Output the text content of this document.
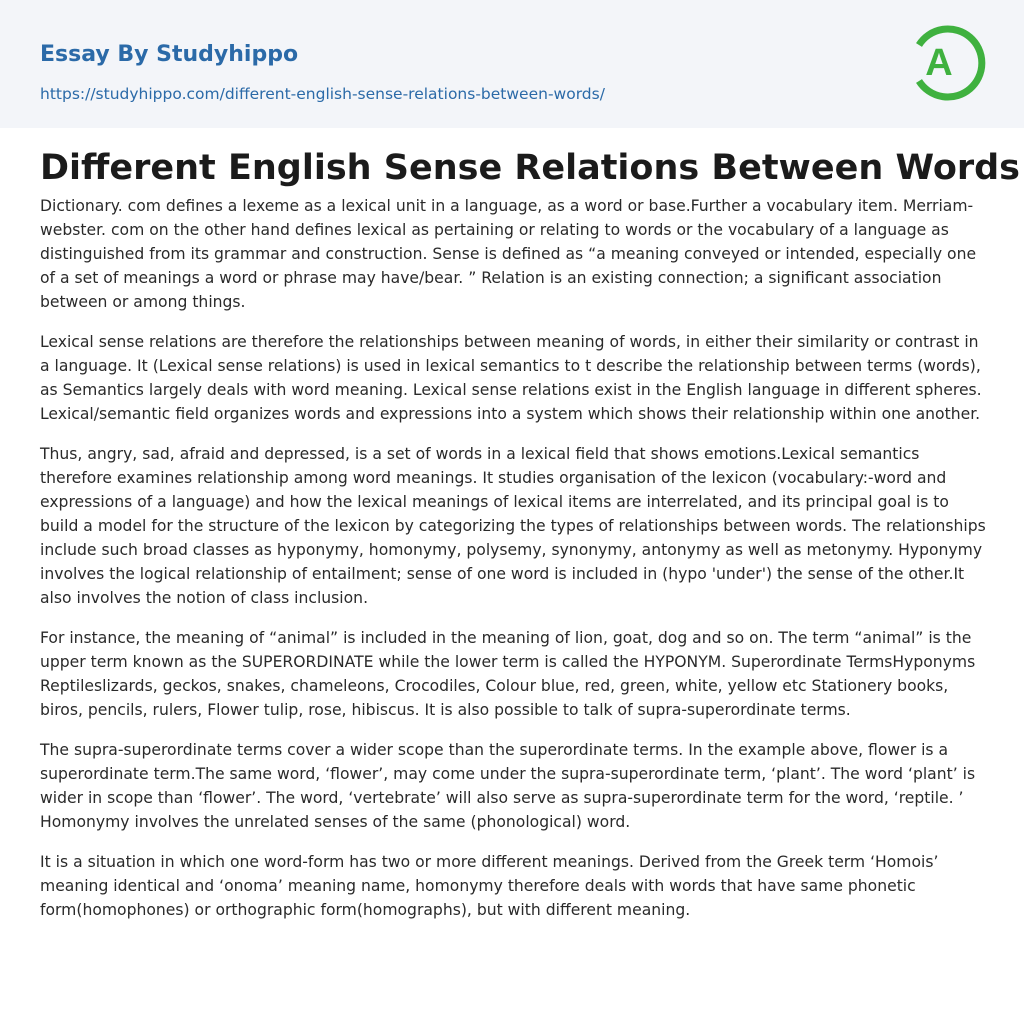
Essay By Studyhippo
https://studyhippo.com/different-english-sense-relations-between-words/
A
Different English Sense Relations Between Words

Dictionary. com defines a lexeme as a lexical unit in a language, as a word or base.Further a vocabulary item. Merriam-webster. com on the other hand defines lexical as pertaining or relating to words or the vocabulary of a language as distinguished from its grammar and construction. Sense is defined as “a meaning conveyed or intended, especially one of a set of meanings a word or phrase may have/bear. ” Relation is an existing connection; a significant association between or among things.

Lexical sense relations are therefore the relationships between meaning of words, in either their similarity or contrast in a language. It (Lexical sense relations) is used in lexical semantics to t describe the relationship between terms (words), as Semantics largely deals with word meaning. Lexical sense relations exist in the English language in different spheres. Lexical/semantic field organizes words and expressions into a system which shows their relationship within one another.

Thus, angry, sad, afraid and depressed, is a set of words in a lexical field that shows emotions.Lexical semantics therefore examines relationship among word meanings. It studies organisation of the lexicon (vocabulary:-word and expressions of a language) and how the lexical meanings of lexical items are interrelated, and its principal goal is to build a model for the structure of the lexicon by categorizing the types of relationships between words. The relationships include such broad classes as hyponymy, homonymy, polysemy, synonymy, antonymy as well as metonymy. Hyponymy involves the logical relationship of entailment; sense of one word is included in (hypo 'under') the sense of the other.It also involves the notion of class inclusion.

For instance, the meaning of “animal” is included in the meaning of lion, goat, dog and so on. The term “animal” is the upper term known as the SUPERORDINATE while the lower term is called the HYPONYM. Superordinate TermsHyponyms Reptileslizards, geckos, snakes, chameleons, Crocodiles, Colour blue, red, green, white, yellow etc Stationery books, biros, pencils, rulers, Flower tulip, rose, hibiscus. It is also possible to talk of supra-superordinate terms.

The supra-superordinate terms cover a wider scope than the superordinate terms. In the example above, flower is a superordinate term.The same word, ‘flower’, may come under the supra-superordinate term, ‘plant’. The word ‘plant’ is wider in scope than ‘flower’. The word, ‘vertebrate’ will also serve as supra-superordinate term for the word, ‘reptile. ’ Homonymy involves the unrelated senses of the same (phonological) word.

It is a situation in which one word-form has two or more different meanings. Derived from the Greek term ‘Homois’ meaning identical and ‘onoma’ meaning name, homonymy therefore deals with words that have same phonetic form(homophones) or orthographic form(homographs), but with different meaning.
